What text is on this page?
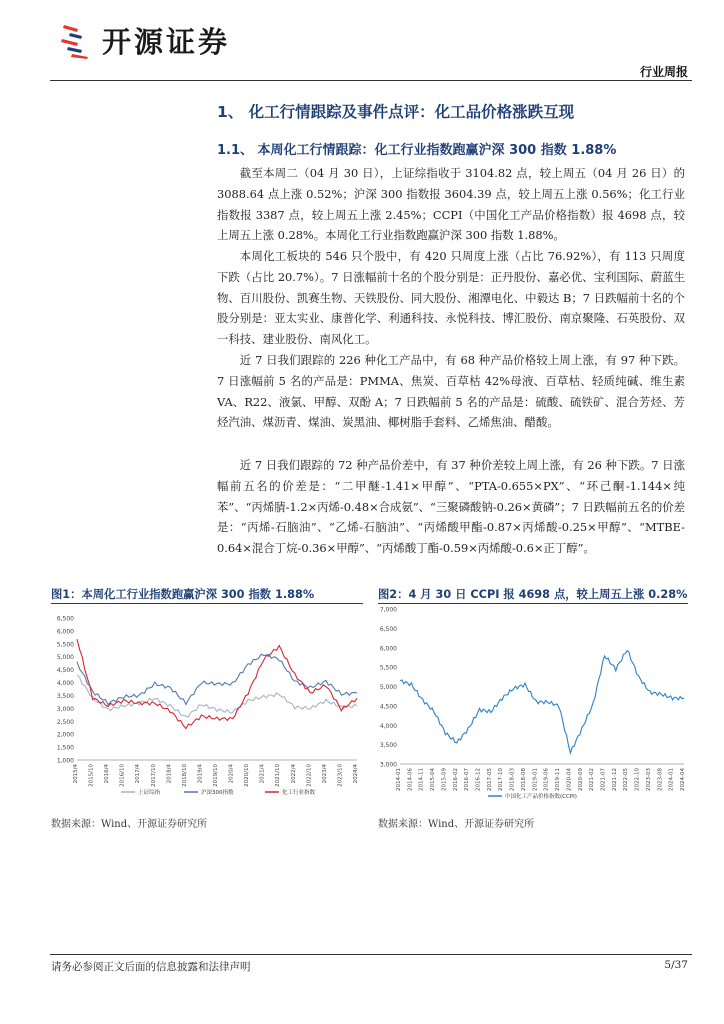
开源证券
行业周报
1、 化工行情跟踪及事件点评：化工品价格涨跌互现
1.1、 本周化工行情跟踪：化工行业指数跑赢沪深 300 指数 1.88%

截至本周二（04 月 30 日），上证综指收于 3104.82 点，较上周五（04 月 26 日）的 3088.64 点上涨 0.52%；沪深 300 指数报 3604.39 点，较上周五上涨 0.56%；化工行业指数报 3387 点，较上周五上涨 2.45%；CCPI（中国化工产品价格指数）报 4698 点，较上周五上涨 0.28%。本周化工行业指数跑赢沪深 300 指数 1.88%。

本周化工板块的 546 只个股中，有 420 只周度上涨（占比 76.92%），有 113 只周度下跌（占比 20.7%）。7 日涨幅前十名的个股分别是：正丹股份、嘉必优、宝利国际、蔚蓝生物、百川股份、凯赛生物、天铁股份、同大股份、湘潭电化、中毅达 B；7 日跌幅前十名的个股分别是：亚太实业、康普化学、利通科技、永悦科技、博汇股份、南京聚隆、石英股份、双一科技、建业股份、南风化工。

近 7 日我们跟踪的 226 种化工产品中，有 68 种产品价格较上周上涨，有 97 种下跌。7 日涨幅前 5 名的产品是：PMMA、焦炭、百草枯 42%母液、百草枯、轻质纯碱、维生素 VA、R22、液氯、甲醇、双酚 A；7 日跌幅前 5 名的产品是：硫酸、硫铁矿、混合芳烃、芳烃汽油、煤沥青、煤油、炭黑油、椰树脂手套料、乙烯焦油、醋酸。

近 7 日我们跟踪的 72 种产品价差中，有 37 种价差较上周上涨，有 26 种下跌。7 日涨幅前五名的价差是：“二甲醚-1.41×甲醇”、“PTA-0.655×PX”、“环己酮-1.144×纯苯”、“丙烯腈-1.2×丙烯-0.48×合成氨”、“三聚磷酸钠-0.26×黄磷”；7 日跌幅前五名的价差是：“丙烯-石脑油”、“乙烯-石脑油”、“丙烯酸甲酯-0.87×丙烯酸-0.25×甲醇”、“MTBE-0.64×混合丁烷-0.36×甲醇”、“丙烯酸丁酯-0.59×丙烯酸-0.6×正丁醇”。

图1：本周化工行业指数跑赢沪深 300 指数 1.88%	图2：4 月 30 日 CCPI 报 4698 点，较上周五上涨 0.28%
1,000
1,500
2,000
2,500
3,000
3,500
4,000
4,500
5,000
5,500
6,000
6,500
2015/4 2015/10 2016/4 2016/10 2017/4 2017/10 2018/4 2018/10 2019/4 2019/10 2020/4 2020/10 2021/4 2021/10 2022/4 2022/10 2023/4 2023/10 2024/4
上证综指	沪深300指数	化工行业指数
3,000
3,500
4,000
4,500
5,000
5,500
6,000
6,500
7,000
2014-01 2014-06 2014-11 2015-04 2015-09 2016-02 2016-07 2016-12 2017-05 2017-10 2018-03 2018-08 2019-01 2019-06 2019-11 2020-04 2020-09 2021-02 2021-07 2021-12 2022-05 2022-10 2023-03 2023-08 2024-01 2024-04
中国化工产品价格指数(CCPI)
数据来源：Wind、开源证券研究所	数据来源：Wind、开源证券研究所
请务必参阅正文后面的信息披露和法律声明	5/37
